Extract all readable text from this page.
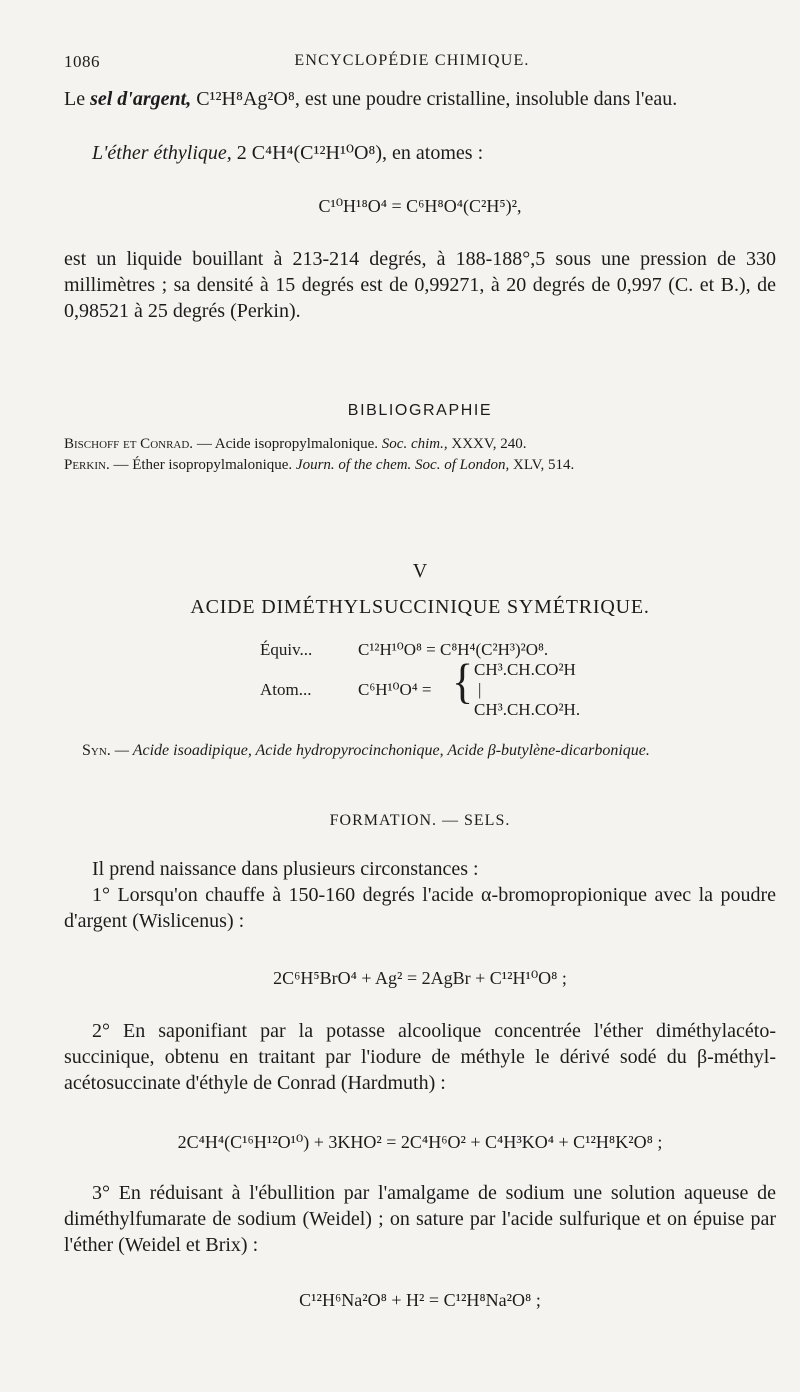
1086	ENCYCLOPÉDIE CHIMIQUE.
Le sel d'argent, C¹²H⁸Ag²O⁸, est une poudre cristalline, insoluble dans l'eau.
L'éther éthylique, 2 C⁴H⁴(C¹²H¹⁰O⁸), en atomes :
C¹⁰H¹⁸O⁴ = C⁶H⁸O⁴(C²H⁵)²,
est un liquide bouillant à 213-214 degrés, à 188-188°,5 sous une pression de 330 millimètres ; sa densité à 15 degrés est de 0,99271, à 20 degrés de 0,997 (C. et B.), de 0,98521 à 25 degrés (Perkin).
BIBLIOGRAPHIE
Bischoff et Conrad. — Acide isopropylmalonique. Soc. chim., XXXV, 240.
Perkin. — Éther isopropylmalonique. Journ. of the chem. Soc. of London, XLV, 514.
V
ACIDE DIMÉTHYLSUCCINIQUE SYMÉTRIQUE.
Équiv...	C¹²H¹⁰O⁸ = C⁸H⁴(C²H³)²O⁸.
Atom...	C⁶H¹⁰O⁴ = { CH³.CH.CO²H
|
CH³.CH.CO²H.
Syn. — Acide isoadipique, Acide hydropyrocinchonique, Acide β-butylène-dicarbonique.
FORMATION. — SELS.
Il prend naissance dans plusieurs circonstances :
1° Lorsqu'on chauffe à 150-160 degrés l'acide α-bromopropionique avec la poudre d'argent (Wislicenus) :
2C⁶H⁵BrO⁴ + Ag² = 2AgBr + C¹²H¹⁰O⁸ ;
2° En saponifiant par la potasse alcoolique concentrée l'éther diméthylacéto-succinique, obtenu en traitant par l'iodure de méthyle le dérivé sodé du β-méthyl-acétosuccinate d'éthyle de Conrad (Hardmuth) :
2C⁴H⁴(C¹⁶H¹²O¹⁰) + 3KHO² = 2C⁴H⁶O² + C⁴H³KO⁴ + C¹²H⁸K²O⁸ ;
3° En réduisant à l'ébullition par l'amalgame de sodium une solution aqueuse de diméthylfumarate de sodium (Weidel) ; on sature par l'acide sulfurique et on épuise par l'éther (Weidel et Brix) :
C¹²H⁶Na²O⁸ + H² = C¹²H⁸Na²O⁸ ;
